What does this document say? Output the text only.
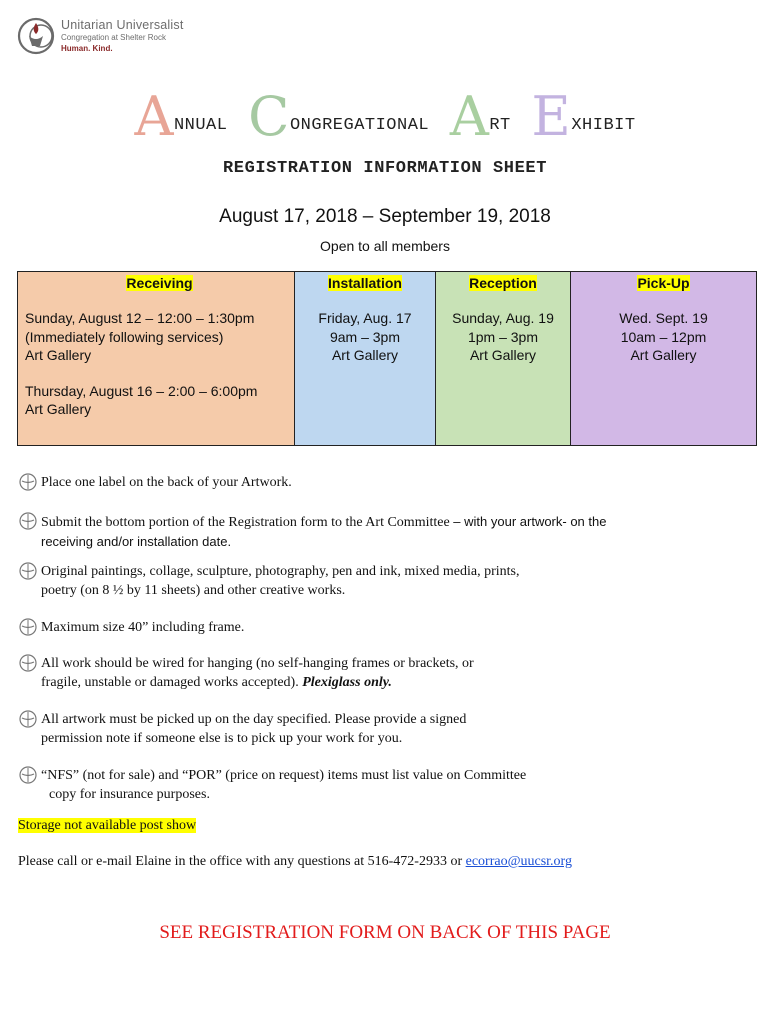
Unitarian Universalist
Congregation at Shelter Rock
Human. Kind.
ANNUAL CONGREGATIONAL ART EXHIBIT
REGISTRATION INFORMATION SHEET
August 17, 2018 – September 19, 2018
Open to all members
Receiving

Sunday, August 12 – 12:00 – 1:30pm

(Immediately following services)

Art Gallery

Thursday, August 16 – 2:00 – 6:00pm

Art Gallery

Installation

Friday, Aug. 17

9am – 3pm

Art Gallery

Reception

Sunday, Aug. 19

1pm – 3pm

Art Gallery

Pick-Up

Wed. Sept. 19

10am – 12pm

Art Gallery

Place one label on the back of your Artwork.
Submit the bottom portion of the Registration form to the Art Committee – with your artwork- on the
receiving and/or installation date.
Original paintings, collage, sculpture, photography, pen and ink, mixed media, prints,
poetry (on 8 ½ by 11 sheets) and other creative works.
Maximum size 40” including frame.
All work should be wired for hanging (no self-hanging frames or brackets, or
fragile, unstable or damaged works accepted). Plexiglass only.
All artwork must be picked up on the day specified. Please provide a signed
permission note if someone else is to pick up your work for you.
“NFS” (not for sale) and “POR” (price on request) items must list value on Committee
copy for insurance purposes.
Storage not available post show
Please call or e-mail Elaine in the office with any questions at 516-472-2933 or ecorrao@uucsr.org
SEE REGISTRATION FORM ON BACK OF THIS PAGE
